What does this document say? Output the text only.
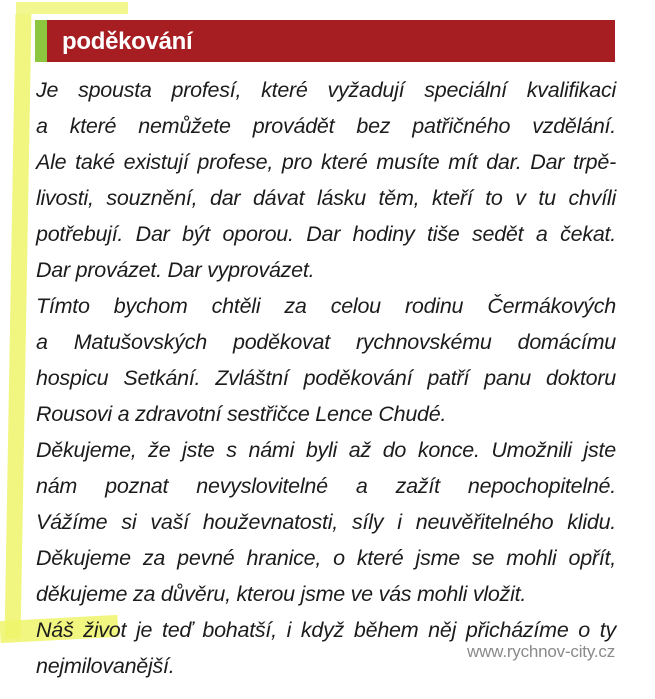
poděkování
Je spousta profesí, které vyžadují speciální kvalifikaci
a které nemůžete provádět bez patřičného vzdělání.
Ale také existují profese, pro které musíte mít dar. Dar trpě-
livosti, souznění, dar dávat lásku těm, kteří to v tu chvíli
potřebují. Dar být oporou. Dar hodiny tiše sedět a čekat.
Dar provázet. Dar vyprovázet.
Tímto bychom chtěli za celou rodinu Čermákových
a Matušovských poděkovat rychnovskému domácímu
hospicu Setkání. Zvláštní poděkování patří panu doktoru
Rousovi a zdravotní sestřičce Lence Chudé.
Děkujeme, že jste s námi byli až do konce. Umožnili jste
nám poznat nevyslovitelné a zažít nepochopitelné.
Vážíme si vaší houževnatosti, síly i neuvěřitelného klidu.
Děkujeme za pevné hranice, o které jsme se mohli opřít,
děkujeme za důvěru, kterou jsme ve vás mohli vložit.
Náš život je teď bohatší, i když během něj přicházíme o ty
nejmilovanější.
www.rychnov-city.cz
